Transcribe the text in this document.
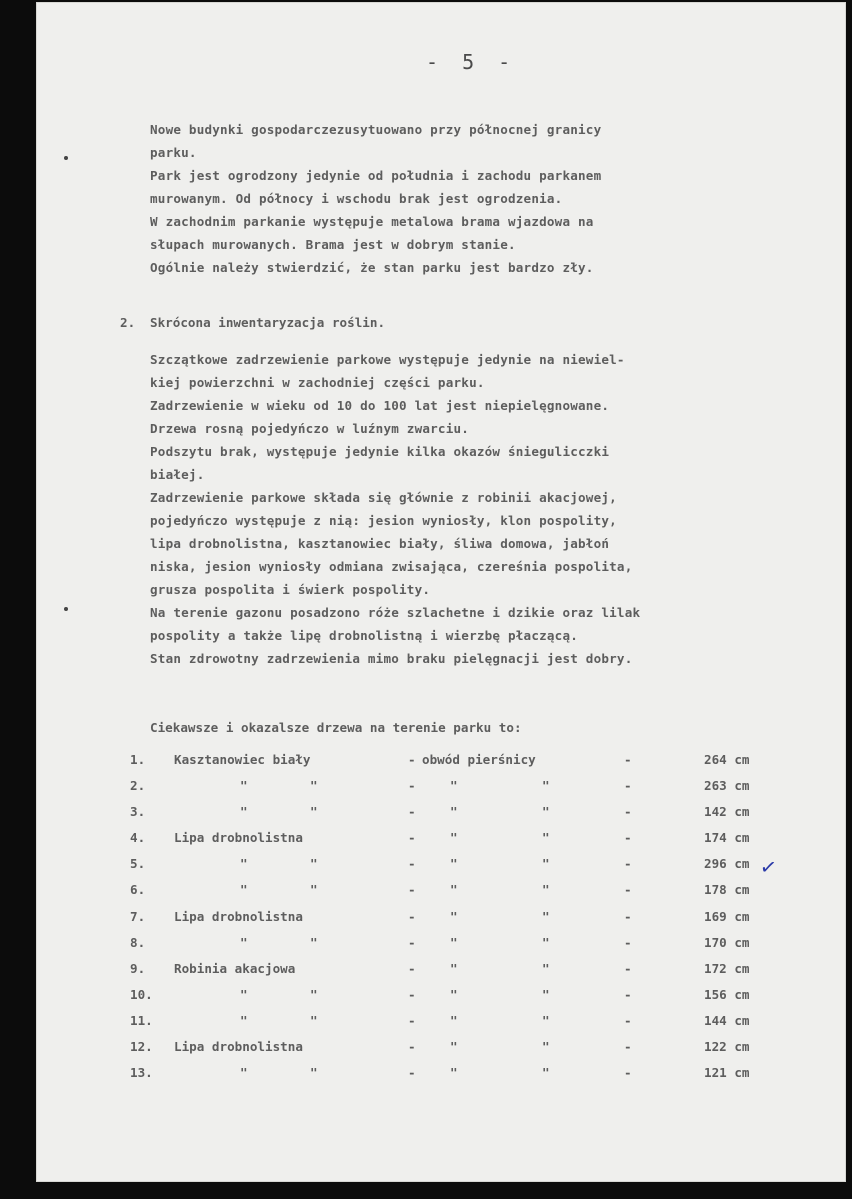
- 5 -
Nowe budynki gospodarczezusytuowano przy północnej granicy
parku.
Park jest ogrodzony jedynie od południa i zachodu parkanem
murowanym. Od północy i wschodu brak jest ogrodzenia.
W zachodnim parkanie występuje metalowa brama wjazdowa na
słupach murowanych. Brama jest w dobrym stanie.
Ogólnie należy stwierdzić, że stan parku jest bardzo zły.
2. Skrócona inwentaryzacja roślin.
Szczątkowe zadrzewienie parkowe występuje jedynie na niewiel-
kiej powierzchni w zachodniej części parku.
Zadrzewienie w wieku od 10 do 100 lat jest niepielęgnowane.
Drzewa rosną pojedyńczo w luźnym zwarciu.
Podszytu brak, występuje jedynie kilka okazów śniegulicczki
białej.
Zadrzewienie parkowe składa się głównie z robinii akacjowej,
pojedyńczo występuje z nią: jesion wyniosły, klon pospolity,
lipa drobnolistna, kasztanowiec biały, śliwa domowa, jabłoń
niska, jesion wyniosły odmiana zwisająca, czereśnia pospolita,
grusza pospolita i świerk pospolity.
Na terenie gazonu posadzono róże szlachetne i dzikie oraz lilak
pospolity a także lipę drobnolistną i wierzbę płaczącą.
Stan zdrowotny zadrzewienia mimo braku pielęgnacji jest dobry.
Ciekawsze i okazalsze drzewa na terenie parku to:
1.	Kasztanowiec biały	- obwód pierśnicy	-	264 cm
2.	"	"	-	"	"	-	263 cm
3.	"	"	-	"	"	-	142 cm
4.	Lipa drobnolistna	-	"	"	-	174 cm
5.	"	"	-	"	"	-	296 cm
6.	"	"	-	"	"	-	178 cm
7.	Lipa drobnolistna	-	"	"	-	169 cm
8.	"	"	-	"	"	-	170 cm
9.	Robinia akacjowa	-	"	"	-	172 cm
10.	"	"	-	"	"	-	156 cm
11.	"	"	-	"	"	-	144 cm
12.	Lipa drobnolistna	-	"	"	-	122 cm
13.	"	"	-	"	"	-	121 cm
✓
